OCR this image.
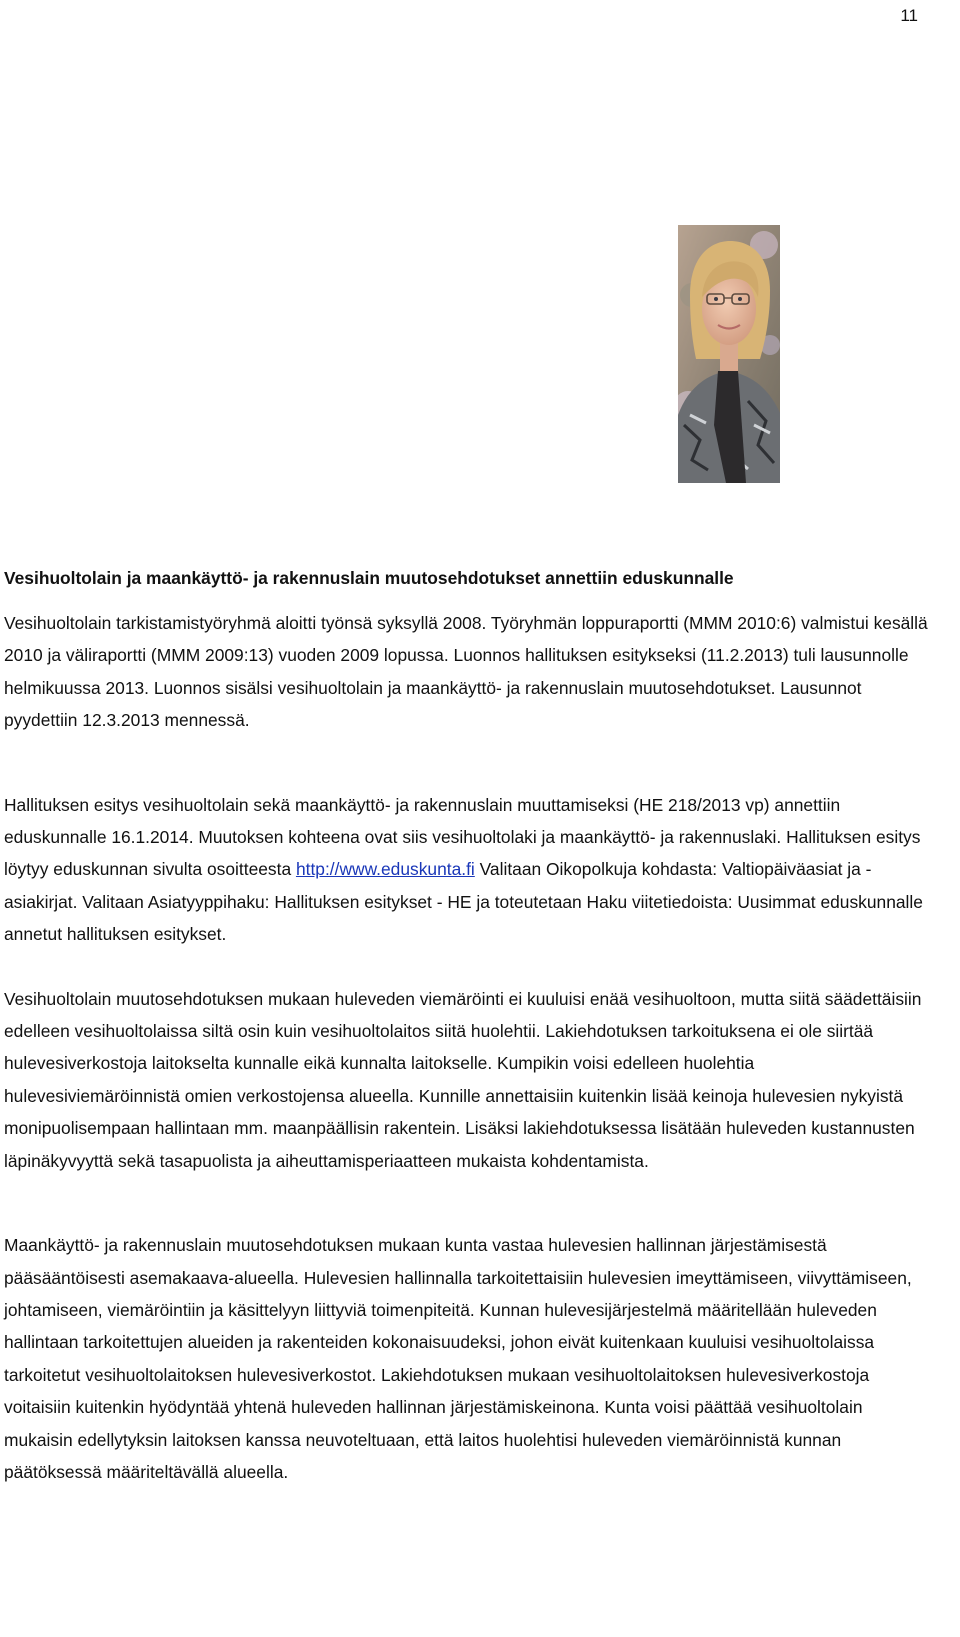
11
Vesihuoltolain ja maankäyttö- ja rakennuslain muutosehdotukset annettiin eduskunnalle

Vesihuoltolain tarkistamistyöryhmä aloitti työnsä syksyllä 2008. Työryhmän loppuraportti (MMM 2010:6) valmistui kesällä 2010 ja väliraportti (MMM 2009:13) vuoden 2009 lopussa. Luonnos hallituksen esitykseksi (11.2.2013) tuli lausunnolle helmikuussa 2013. Luonnos sisälsi vesihuoltolain ja maankäyttö- ja rakennuslain muutosehdotukset. Lausunnot pyydettiin 12.3.2013 mennessä.

Hallituksen esitys vesihuoltolain sekä maankäyttö- ja rakennuslain muuttamiseksi (HE 218/2013 vp) annettiin eduskunnalle 16.1.2014. Muutoksen kohteena ovat siis vesihuoltolaki ja maankäyttö- ja rakennuslaki. Hallituksen esitys löytyy eduskunnan sivulta osoitteesta http://www.eduskunta.fi Valitaan Oikopolkuja kohdasta: Valtiopäiväasiat ja -asiakirjat. Valitaan Asiatyyppihaku: Hallituksen esitykset - HE ja toteutetaan Haku viitetiedoista: Uusimmat eduskunnalle annetut hallituksen esitykset.

Vesihuoltolain muutosehdotuksen mukaan huleveden viemäröinti ei kuuluisi enää vesihuoltoon, mutta siitä säädettäisiin edelleen vesihuoltolaissa siltä osin kuin vesihuoltolaitos siitä huolehtii. Lakiehdotuksen tarkoituksena ei ole siirtää hulevesiverkostoja laitokselta kunnalle eikä kunnalta laitokselle. Kumpikin voisi edelleen huolehtia hulevesiviemäröinnistä omien verkostojensa alueella. Kunnille annettaisiin kuitenkin lisää keinoja hulevesien nykyistä monipuolisempaan hallintaan mm. maanpäällisin rakentein. Lisäksi lakiehdotuksessa lisätään huleveden kustannusten läpinäkyvyyttä sekä tasapuolista ja aiheuttamisperiaatteen mukaista kohdentamista.

Maankäyttö- ja rakennuslain muutosehdotuksen mukaan kunta vastaa hulevesien hallinnan järjestämisestä pääsääntöisesti asemakaava-alueella. Hulevesien hallinnalla tarkoitettaisiin hulevesien imeyttämiseen, viivyttämiseen, johtamiseen, viemäröintiin ja käsittelyyn liittyviä toimenpiteitä. Kunnan hulevesijärjestelmä määritellään huleveden hallintaan tarkoitettujen alueiden ja rakenteiden kokonaisuudeksi, johon eivät kuitenkaan kuuluisi vesihuoltolaissa tarkoitetut vesihuoltolaitoksen hulevesiverkostot. Lakiehdotuksen mukaan vesihuoltolaitoksen hulevesiverkostoja voitaisiin kuitenkin hyödyntää yhtenä huleveden hallinnan järjestämiskeinona. Kunta voisi päättää vesihuoltolain mukaisin edellytyksin laitoksen kanssa neuvoteltuaan, että laitos huolehtisi huleveden viemäröinnistä kunnan päätöksessä määriteltävällä alueella.
